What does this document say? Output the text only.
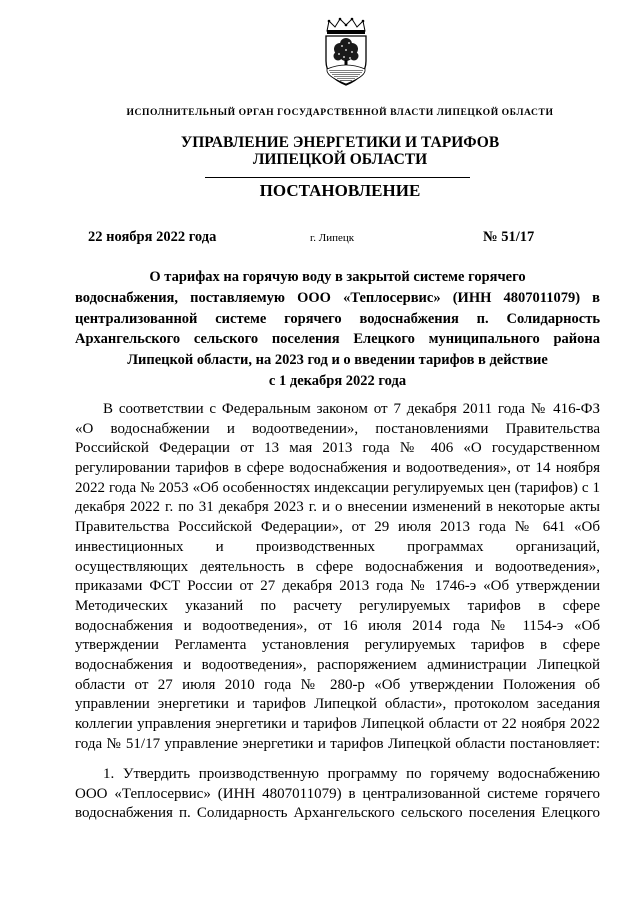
ИСПОЛНИТЕЛЬНЫЙ ОРГАН ГОСУДАРСТВЕННОЙ ВЛАСТИ ЛИПЕЦКОЙ ОБЛАСТИ
УПРАВЛЕНИЕ ЭНЕРГЕТИКИ И ТАРИФОВ
ЛИПЕЦКОЙ ОБЛАСТИ
ПОСТАНОВЛЕНИЕ
22 ноября 2022 года	г. Липецк	№ 51/17
О тарифах на горячую воду в закрытой системе горячего
водоснабжения, поставляемую ООО «Теплосервис» (ИНН 4807011079) в
централизованной системе горячего водоснабжения п. Солидарность
Архангельского сельского поселения Елецкого муниципального района
Липецкой области, на 2023 год и о введении тарифов в действие
с 1 декабря 2022 года
В соответствии с Федеральным законом от 7 декабря 2011 года № 416-ФЗ
«О водоснабжении и водоотведении», постановлениями Правительства
Российской Федерации от 13 мая 2013 года № 406 «О государственном
регулировании тарифов в сфере водоснабжения и водоотведения», от 14 ноября
2022 года № 2053 «Об особенностях индексации регулируемых цен (тарифов) с 1
декабря 2022 г. по 31 декабря 2023 г. и о внесении изменений в некоторые акты
Правительства Российской Федерации», от 29 июля 2013 года № 641 «Об
инвестиционных и производственных программах организаций,
осуществляющих деятельность в сфере водоснабжения и водоотведения»,
приказами ФСТ России от 27 декабря 2013 года № 1746-э «Об утверждении
Методических указаний по расчету регулируемых тарифов в сфере
водоснабжения и водоотведения», от 16 июля 2014 года № 1154-э «Об
утверждении Регламента установления регулируемых тарифов в сфере
водоснабжения и водоотведения», распоряжением администрации Липецкой
области от 27 июля 2010 года № 280-р «Об утверждении Положения об
управлении энергетики и тарифов Липецкой области», протоколом заседания
коллегии управления энергетики и тарифов Липецкой области от 22 ноября 2022
года № 51/17 управление энергетики и тарифов Липецкой области постановляет:
1. Утвердить производственную программу по горячему водоснабжению
ООО «Теплосервис» (ИНН 4807011079) в централизованной системе горячего
водоснабжения п. Солидарность Архангельского сельского поселения Елецкого
